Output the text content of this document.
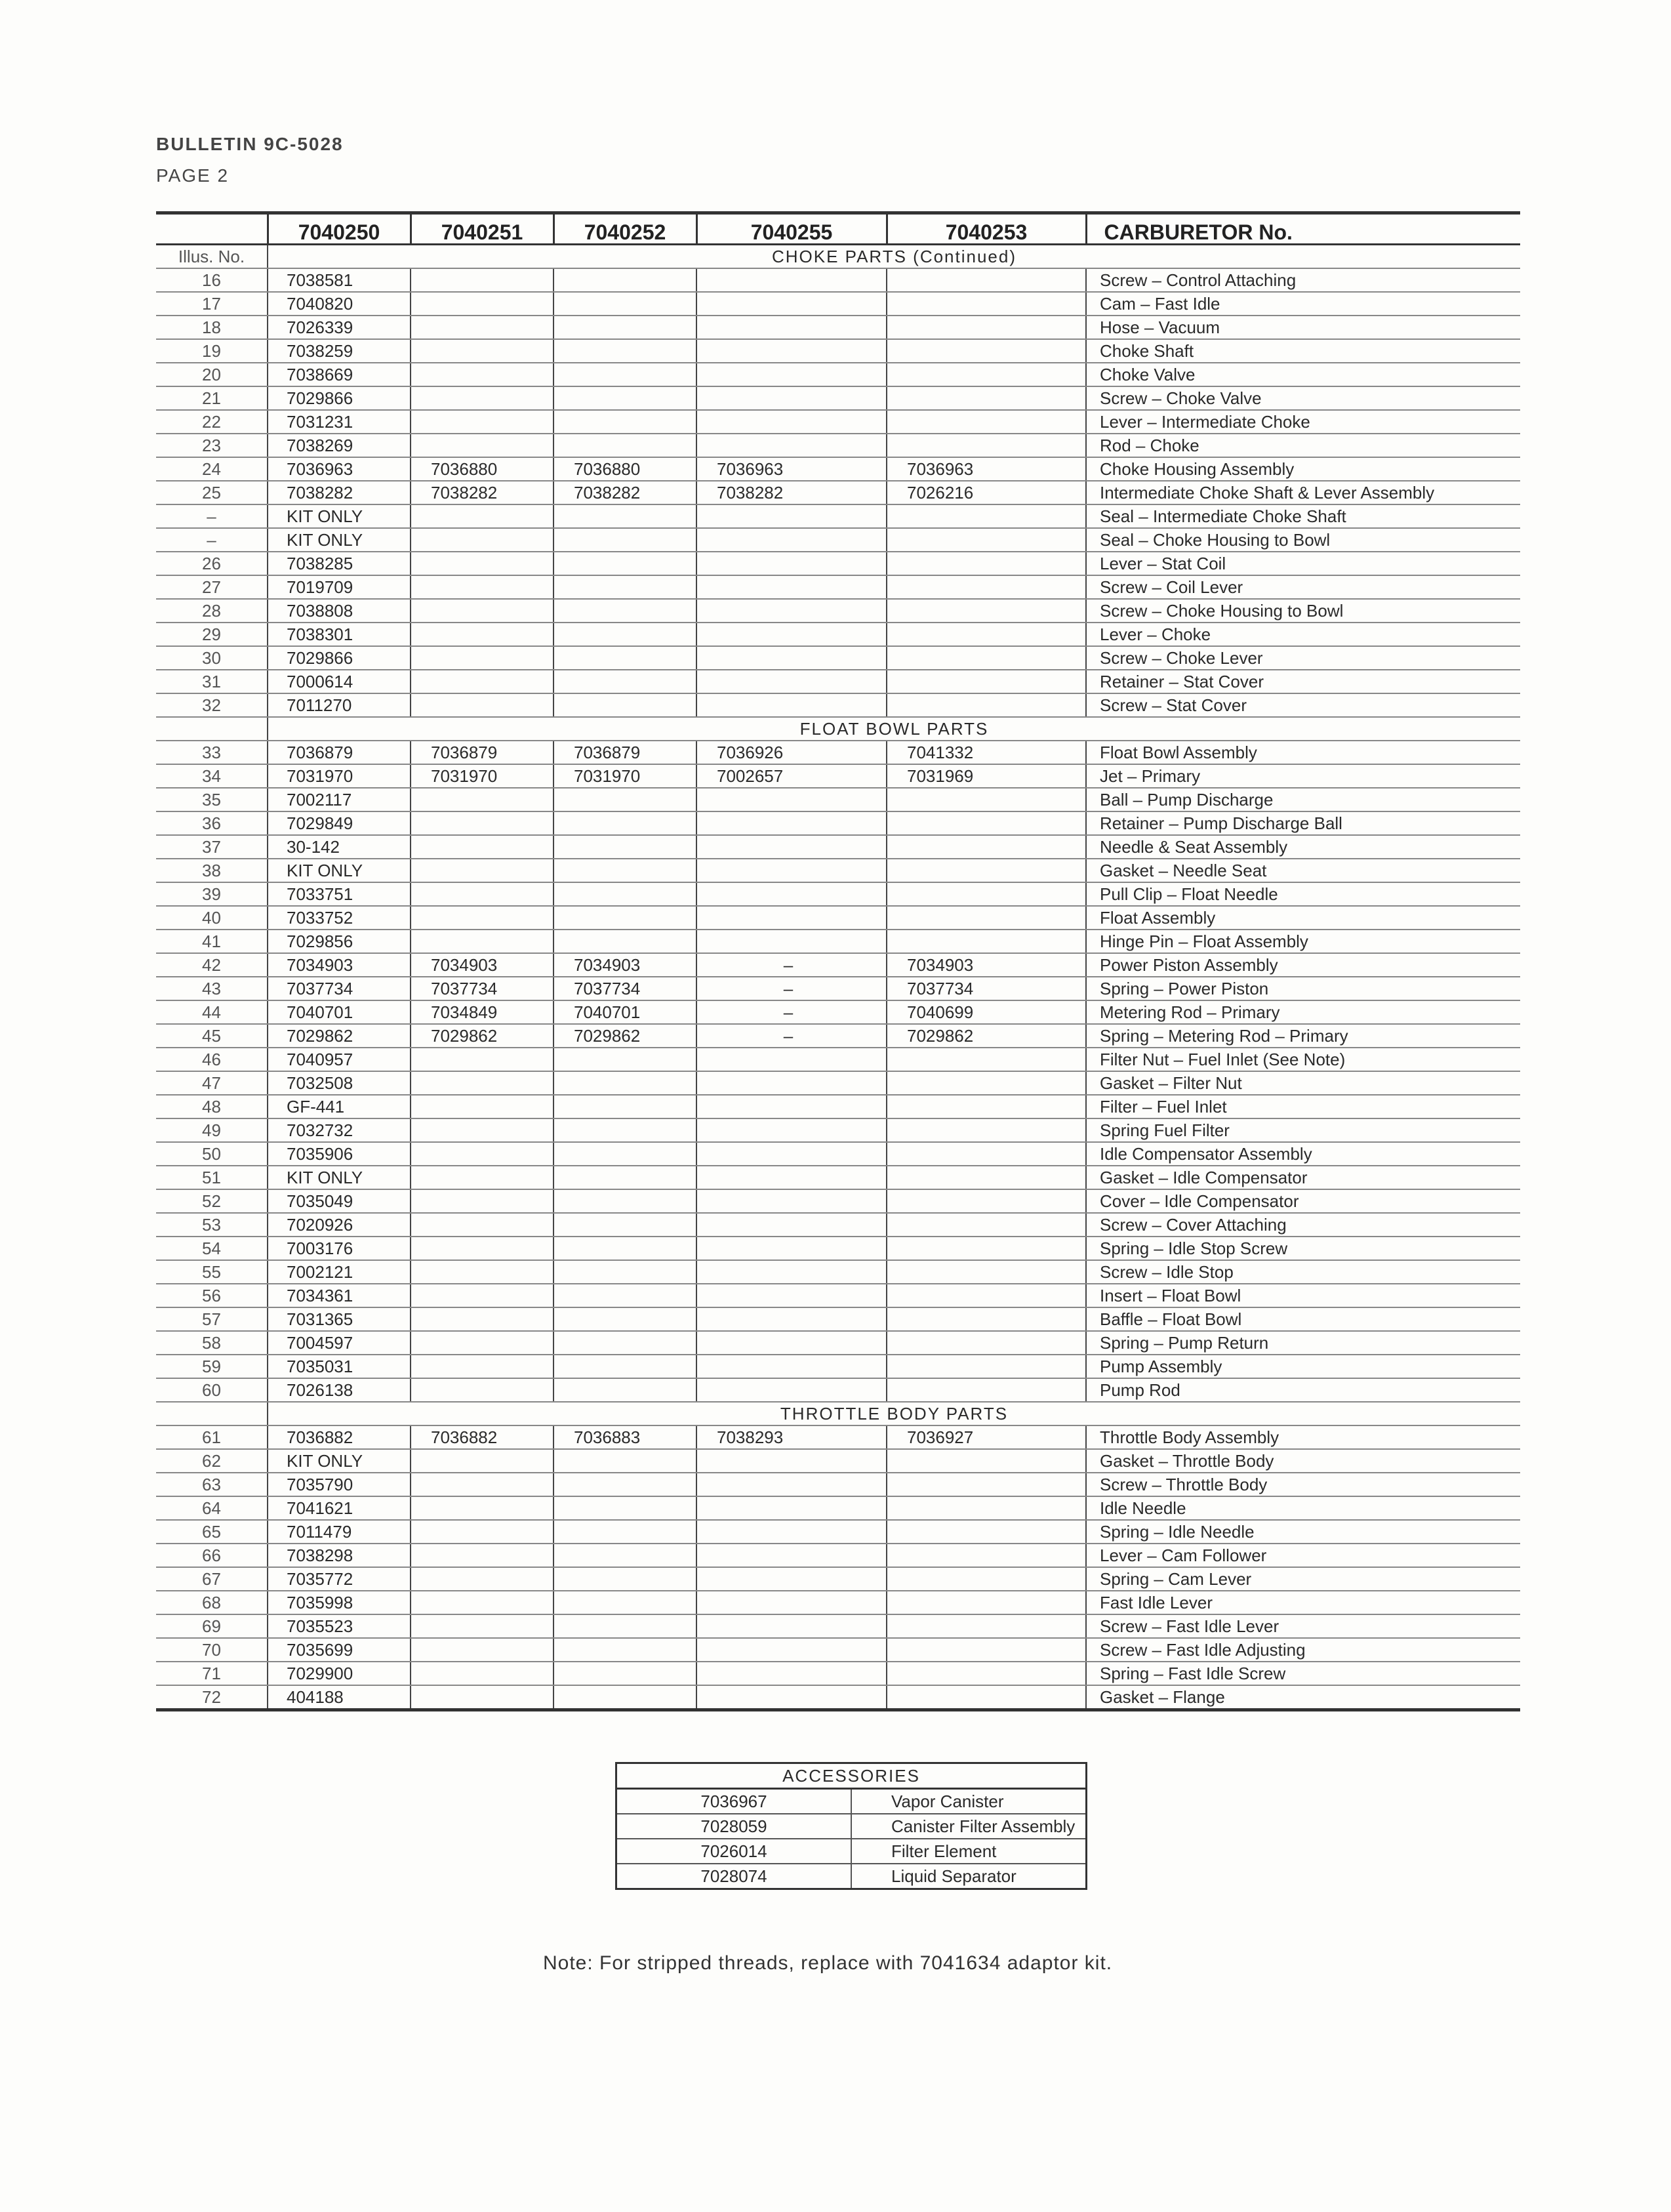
BULLETIN 9C-5028
PAGE 2
	7040250	7040251	7040252	7040255	7040253	CARBURETOR No.
Illus. No.	CHOKE PARTS (Continued)					
16	7038581					Screw – Control Attaching
17	7040820					Cam – Fast Idle
18	7026339					Hose – Vacuum
19	7038259					Choke Shaft
20	7038669					Choke Valve
21	7029866					Screw – Choke Valve
22	7031231					Lever – Intermediate Choke
23	7038269					Rod – Choke
24	7036963	7036880	7036880	7036963	7036963	Choke Housing Assembly
25	7038282	7038282	7038282	7038282	7026216	Intermediate Choke Shaft & Lever Assembly
–	KIT ONLY					Seal – Intermediate Choke Shaft
–	KIT ONLY					Seal – Choke Housing to Bowl
26	7038285					Lever – Stat Coil
27	7019709					Screw – Coil Lever
28	7038808					Screw – Choke Housing to Bowl
29	7038301					Lever – Choke
30	7029866					Screw – Choke Lever
31	7000614					Retainer – Stat Cover
32	7011270					Screw – Stat Cover
	FLOAT BOWL PARTS					
33	7036879	7036879	7036879	7036926	7041332	Float Bowl Assembly
34	7031970	7031970	7031970	7002657	7031969	Jet – Primary
35	7002117					Ball – Pump Discharge
36	7029849					Retainer – Pump Discharge Ball
37	30-142					Needle & Seat Assembly
38	KIT ONLY					Gasket – Needle Seat
39	7033751					Pull Clip – Float Needle
40	7033752					Float Assembly
41	7029856					Hinge Pin – Float Assembly
42	7034903	7034903	7034903	–	7034903	Power Piston Assembly
43	7037734	7037734	7037734	–	7037734	Spring – Power Piston
44	7040701	7034849	7040701	–	7040699	Metering Rod – Primary
45	7029862	7029862	7029862	–	7029862	Spring – Metering Rod – Primary
46	7040957					Filter Nut – Fuel Inlet (See Note)
47	7032508					Gasket – Filter Nut
48	GF-441					Filter – Fuel Inlet
49	7032732					Spring Fuel Filter
50	7035906					Idle Compensator Assembly
51	KIT ONLY					Gasket – Idle Compensator
52	7035049					Cover – Idle Compensator
53	7020926					Screw – Cover Attaching
54	7003176					Spring – Idle Stop Screw
55	7002121					Screw – Idle Stop
56	7034361					Insert – Float Bowl
57	7031365					Baffle – Float Bowl
58	7004597					Spring – Pump Return
59	7035031					Pump Assembly
60	7026138					Pump Rod
	THROTTLE BODY PARTS					
61	7036882	7036882	7036883	7038293	7036927	Throttle Body Assembly
62	KIT ONLY					Gasket – Throttle Body
63	7035790					Screw – Throttle Body
64	7041621					Idle Needle
65	7011479					Spring – Idle Needle
66	7038298					Lever – Cam Follower
67	7035772					Spring – Cam Lever
68	7035998					Fast Idle Lever
69	7035523					Screw – Fast Idle Lever
70	7035699					Screw – Fast Idle Adjusting
71	7029900					Spring – Fast Idle Screw
72	404188					Gasket – Flange
ACCESSORIES	
7036967	Vapor Canister
7028059	Canister Filter Assembly
7026014	Filter Element
7028074	Liquid Separator
Note: For stripped threads, replace with 7041634 adaptor kit.
